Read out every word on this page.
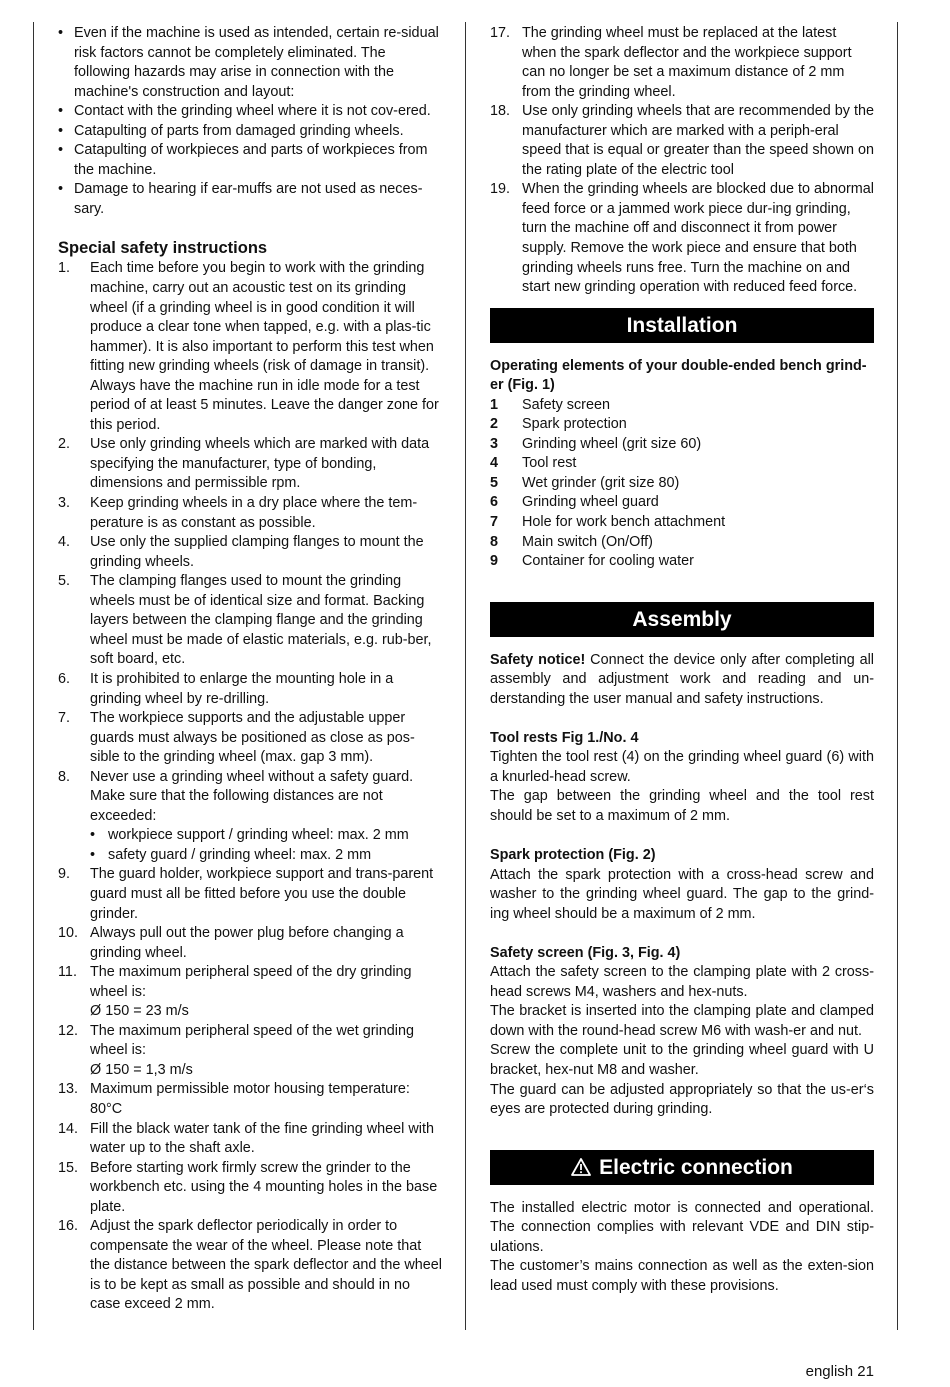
• Even if the machine is used as intended, certain re-sidual risk factors cannot be completely eliminated. The following hazards may arise in connection with the machine's construction and layout:
• Contact with the grinding wheel where it is not cov-ered.
• Catapulting of parts from damaged grinding wheels.
• Catapulting of workpieces and parts of workpieces from the machine.
• Damage to hearing if ear-muffs are not used as neces-sary.
Special safety instructions
1.	Each time before you begin to work with the grinding machine, carry out an acoustic test on its grinding wheel (if a grinding wheel is in good condition it will produce a clear tone when tapped, e.g. with a plas-tic hammer). It is also important to perform this test when fitting new grinding wheels (risk of damage in transit). Always have the machine run in idle mode for a test period of at least 5 minutes. Leave the danger zone for this period.
2.	Use only grinding wheels which are marked with data specifying the manufacturer, type of bonding, dimensions and permissible rpm.
3.	Keep grinding wheels in a dry place where the tem-perature is as constant as possible.
4.	Use only the supplied clamping flanges to mount the grinding wheels.
5.	The clamping flanges used to mount the grinding wheels must be of identical size and format. Backing layers between the clamping flange and the grinding wheel must be made of elastic materials, e.g. rub-ber, soft board, etc.
6.	It is prohibited to enlarge the mounting hole in a grinding wheel by re-drilling.
7.	The workpiece supports and the adjustable upper guards must always be positioned as close as pos-sible to the grinding wheel (max. gap 3 mm).
8.	Never use a grinding wheel without a safety guard. Make sure that the following distances are not exceeded:
• workpiece support / grinding wheel: max. 2 mm
• safety guard / grinding wheel: max. 2 mm
9.	The guard holder, workpiece support and trans-parent guard must all be fitted before you use the double grinder.
10. Always pull out the power plug before changing a grinding wheel.
11. The maximum peripheral speed of the dry grinding wheel is:
Ø 150 = 23 m/s
12. The maximum peripheral speed of the wet grinding wheel is:
Ø 150 = 1,3 m/s
13. Maximum permissible motor housing temperature: 80°C
14. Fill the black water tank of the fine grinding wheel with water up to the shaft axle.
15. Before starting work firmly screw the grinder to the workbench etc. using the 4 mounting holes in the base plate.
16. Adjust the spark deflector periodically in order to compensate the wear of the wheel. Please note that the distance between the spark deflector and the wheel is to be kept as small as possible and should in no case exceed 2 mm.
17. The grinding wheel must be replaced at the latest when the spark deflector and the workpiece support can no longer be set a maximum distance of 2 mm from the grinding wheel.
18. Use only grinding wheels that are recommended by the manufacturer which are marked with a periph-eral speed that is equal or greater than the speed shown on the rating plate of the electric tool
19. When the grinding wheels are blocked due to abnormal feed force or a jammed work piece dur-ing grinding, turn the machine off and disconnect it from power supply. Remove the work piece and ensure that both grinding wheels runs free. Turn the machine on and start new grinding operation with reduced feed force.
Installation

Operating elements of your double-ended bench grind-er (Fig. 1)

1	Safety screen
2	Spark protection
3	Grinding wheel (grit size 60)
4	Tool rest
5	Wet grinder (grit size 80)
6	Grinding wheel guard
7	Hole for work bench attachment
8	Main switch (On/Off)
9	Container for cooling water
Assembly

Safety notice! Connect the device only after completing all assembly and adjustment work and reading and un-derstanding the user manual and safety instructions.

Tool rests Fig 1./No. 4

Tighten the tool rest (4) on the grinding wheel guard (6) with a knurled-head screw.

The gap between the grinding wheel and the tool rest should be set to a maximum of 2 mm.

Spark protection (Fig. 2)

Attach the spark protection with a cross-head screw and washer to the grinding wheel guard. The gap to the grind-ing wheel should be a maximum of 2 mm.

Safety screen (Fig. 3, Fig. 4)

Attach the safety screen to the clamping plate with 2 cross-head screws M4, washers and hex-nuts.

The bracket is inserted into the clamping plate and clamped down with the round-head screw M6 with wash-er and nut.

Screw the complete unit to the grinding wheel guard with U bracket, hex-nut M8 and washer.

The guard can be adjusted appropriately so that the us-er‘s eyes are protected during grinding.

Electric connection

The installed electric motor is connected and operational. The connection complies with relevant VDE and DIN stip-ulations.

The customer’s mains connection as well as the exten-sion lead used must comply with these provisions.

english 21
